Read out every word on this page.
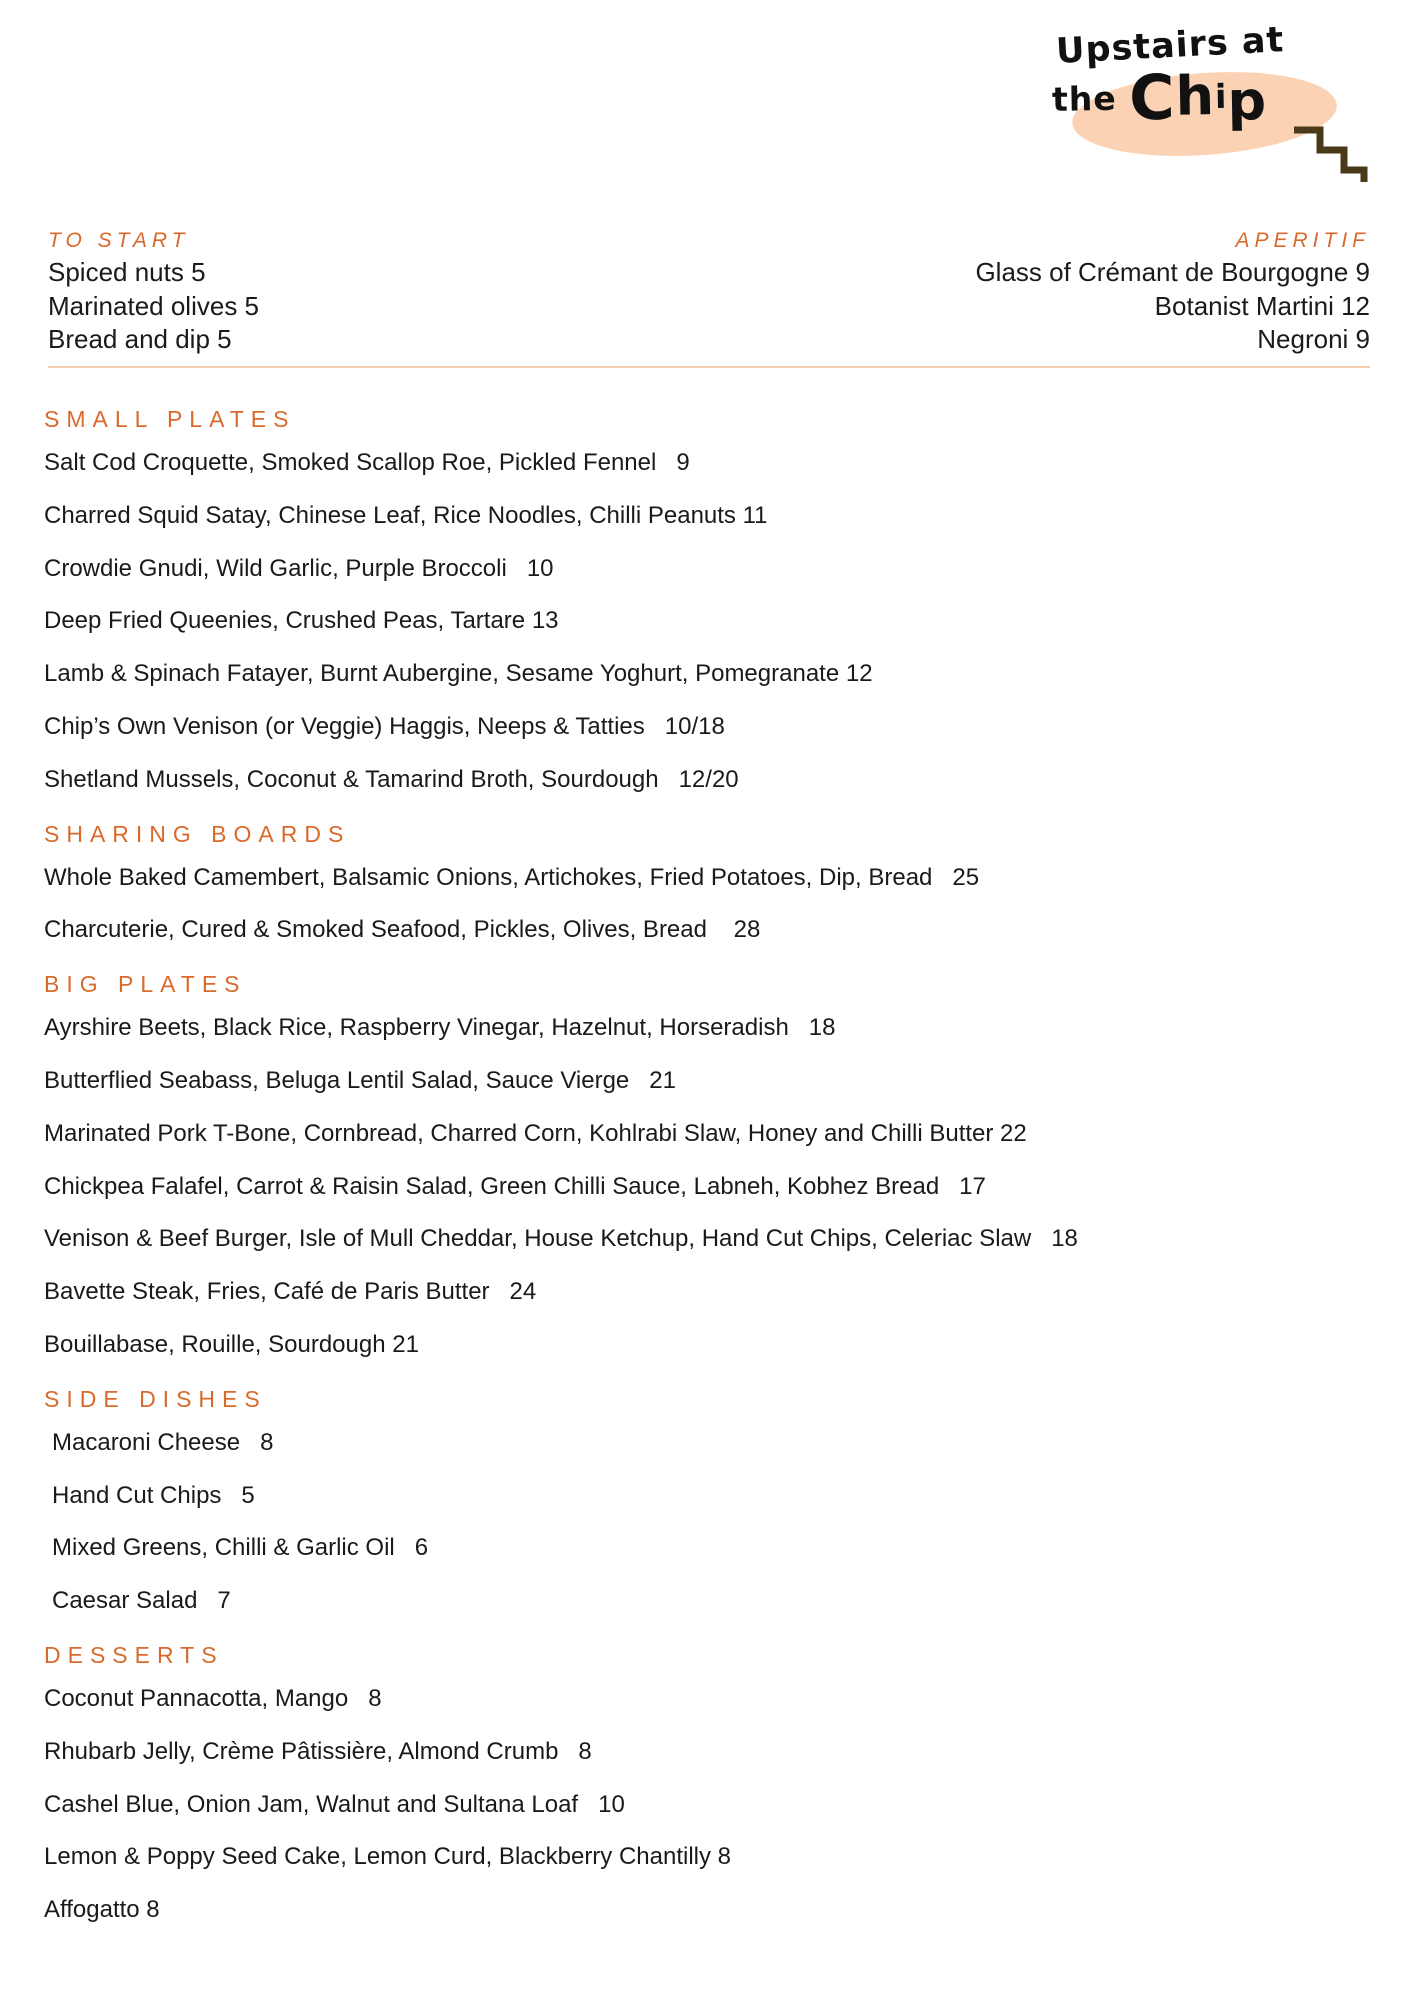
Upstairs at
the Chip
TO START
Spiced nuts 5
Marinated olives 5
Bread and dip 5
APERITIF
Glass of Crémant de Bourgogne 9
Botanist Martini 12
Negroni 9
SMALL PLATES
Salt Cod Croquette, Smoked Scallop Roe, Pickled Fennel   9
Charred Squid Satay, Chinese Leaf, Rice Noodles, Chilli Peanuts 11
Crowdie Gnudi, Wild Garlic, Purple Broccoli   10
Deep Fried Queenies, Crushed Peas, Tartare 13
Lamb & Spinach Fatayer, Burnt Aubergine, Sesame Yoghurt, Pomegranate 12
Chip’s Own Venison (or Veggie) Haggis, Neeps & Tatties   10/18
Shetland Mussels, Coconut & Tamarind Broth, Sourdough   12/20
SHARING BOARDS
Whole Baked Camembert, Balsamic Onions, Artichokes, Fried Potatoes, Dip, Bread   25
Charcuterie, Cured & Smoked Seafood, Pickles, Olives, Bread    28
BIG PLATES
Ayrshire Beets, Black Rice, Raspberry Vinegar, Hazelnut, Horseradish   18
Butterflied Seabass, Beluga Lentil Salad, Sauce Vierge   21
Marinated Pork T-Bone, Cornbread, Charred Corn, Kohlrabi Slaw, Honey and Chilli Butter 22
Chickpea Falafel, Carrot & Raisin Salad, Green Chilli Sauce, Labneh, Kobhez Bread   17
Venison & Beef Burger, Isle of Mull Cheddar, House Ketchup, Hand Cut Chips, Celeriac Slaw   18
Bavette Steak, Fries, Café de Paris Butter   24
Bouillabase, Rouille, Sourdough 21
SIDE DISHES
Macaroni Cheese   8
Hand Cut Chips   5
Mixed Greens, Chilli & Garlic Oil   6
Caesar Salad   7
DESSERTS
Coconut Pannacotta, Mango   8
Rhubarb Jelly, Crème Pâtissière, Almond Crumb   8
Cashel Blue, Onion Jam, Walnut and Sultana Loaf   10
Lemon & Poppy Seed Cake, Lemon Curd, Blackberry Chantilly 8
Affogatto 8
